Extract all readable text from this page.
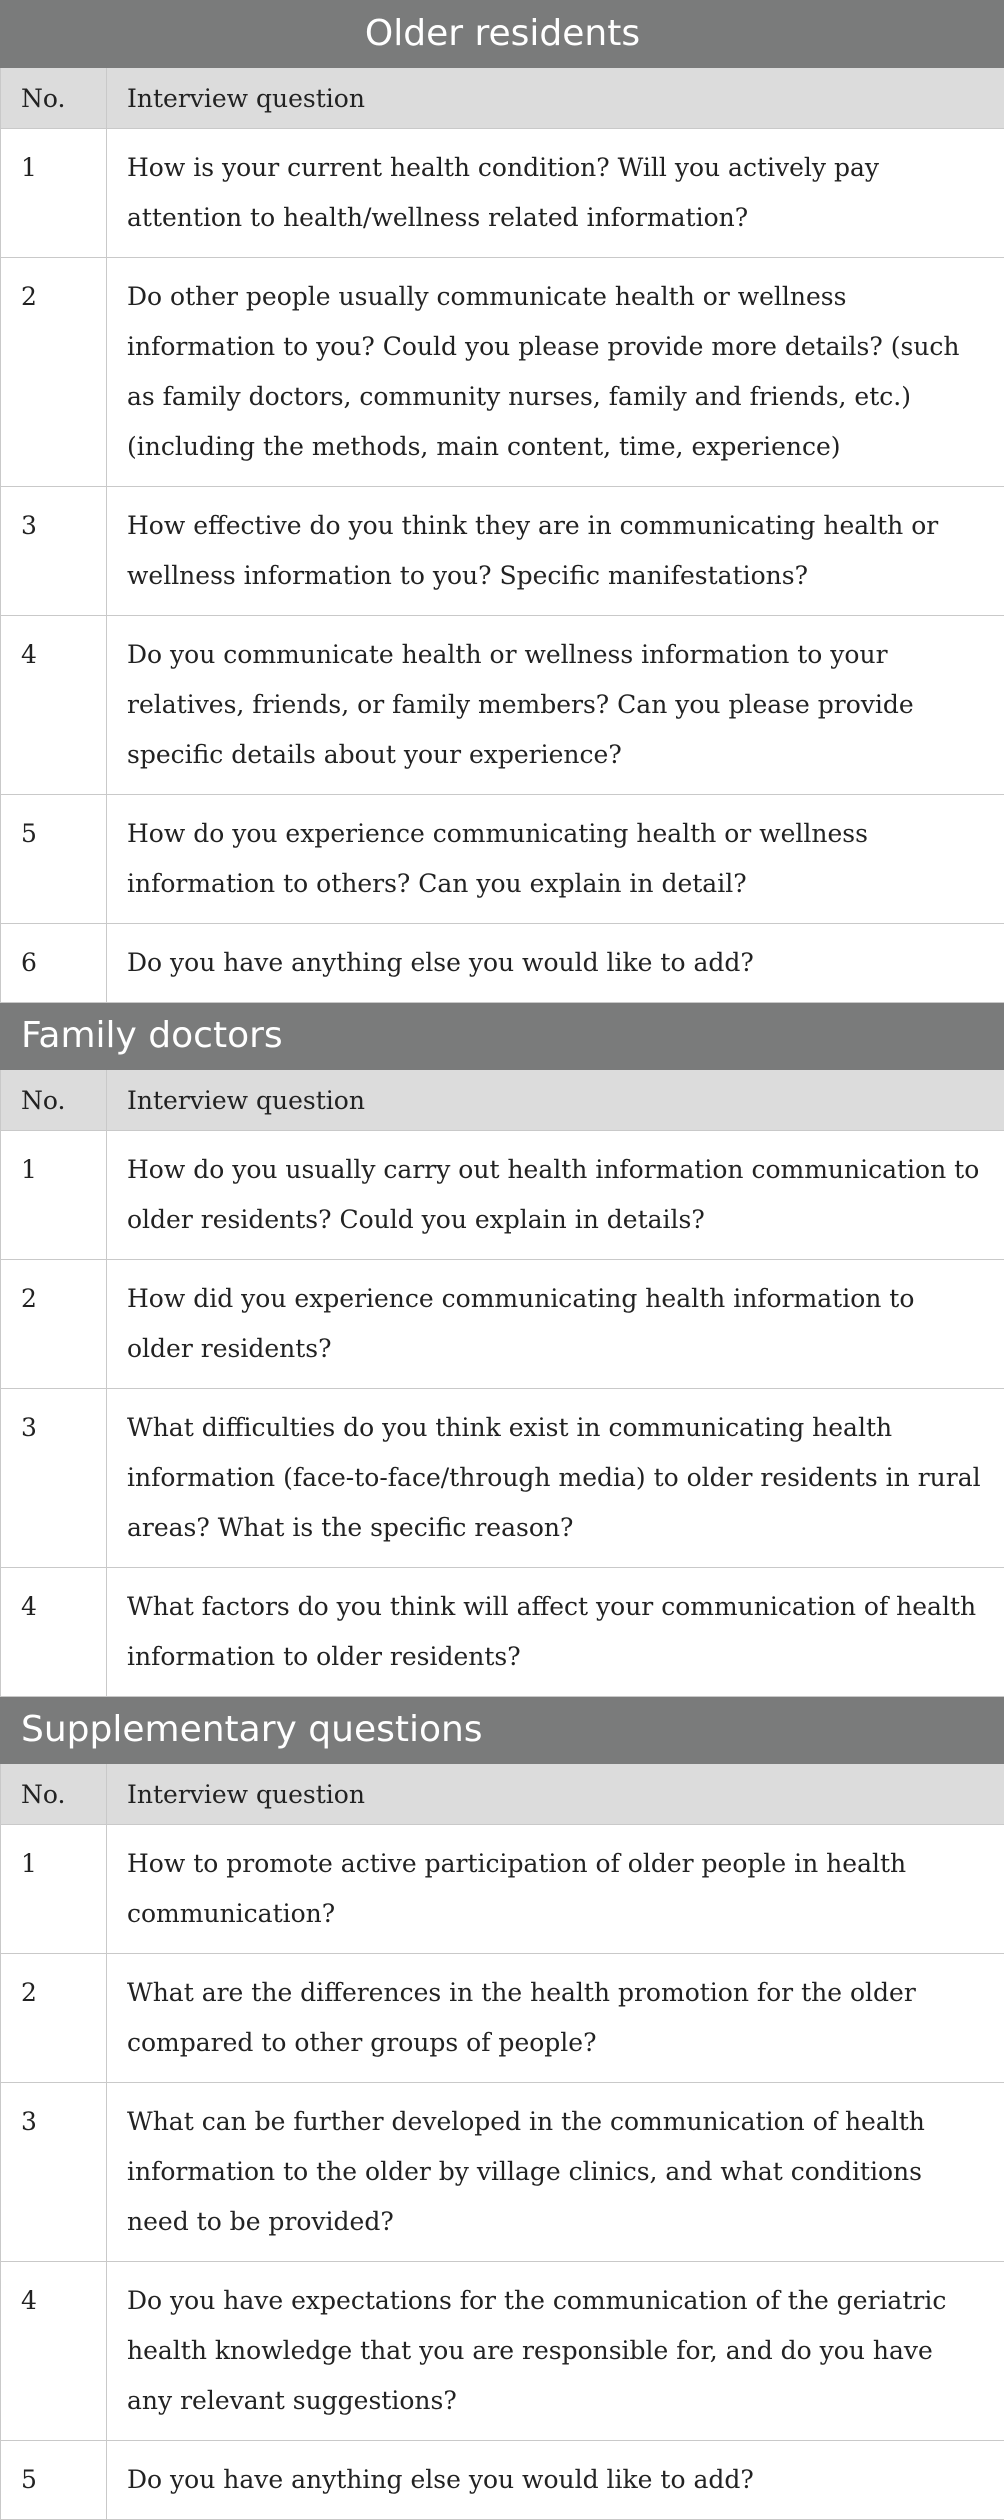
Older residents	
No.	Interview question
1	How is your current health condition? Will you actively pay attention to health/wellness related information?
2	Do other people usually communicate health or wellness information to you? Could you please provide more details? (such as family doctors, community nurses, family and friends, etc.) (including the methods, main content, time, experience)
3	How effective do you think they are in communicating health or wellness information to you? Specific manifestations?
4	Do you communicate health or wellness information to your relatives, friends, or family members? Can you please provide specific details about your experience?
5	How do you experience communicating health or wellness information to others? Can you explain in detail?
6	Do you have anything else you would like to add?
Family doctors	
No.	Interview question
1	How do you usually carry out health information communication to older residents? Could you explain in details?
2	How did you experience communicating health information to older residents?
3	What difficulties do you think exist in communicating health information (face-to-face/through media) to older residents in rural areas? What is the specific reason?
4	What factors do you think will affect your communication of health information to older residents?
Supplementary questions	
No.	Interview question
1	How to promote active participation of older people in health communication?
2	What are the differences in the health promotion for the older compared to other groups of people?
3	What can be further developed in the communication of health information to the older by village clinics, and what conditions need to be provided?
4	Do you have expectations for the communication of the geriatric health knowledge that you are responsible for, and do you have any relevant suggestions?
5	Do you have anything else you would like to add?
